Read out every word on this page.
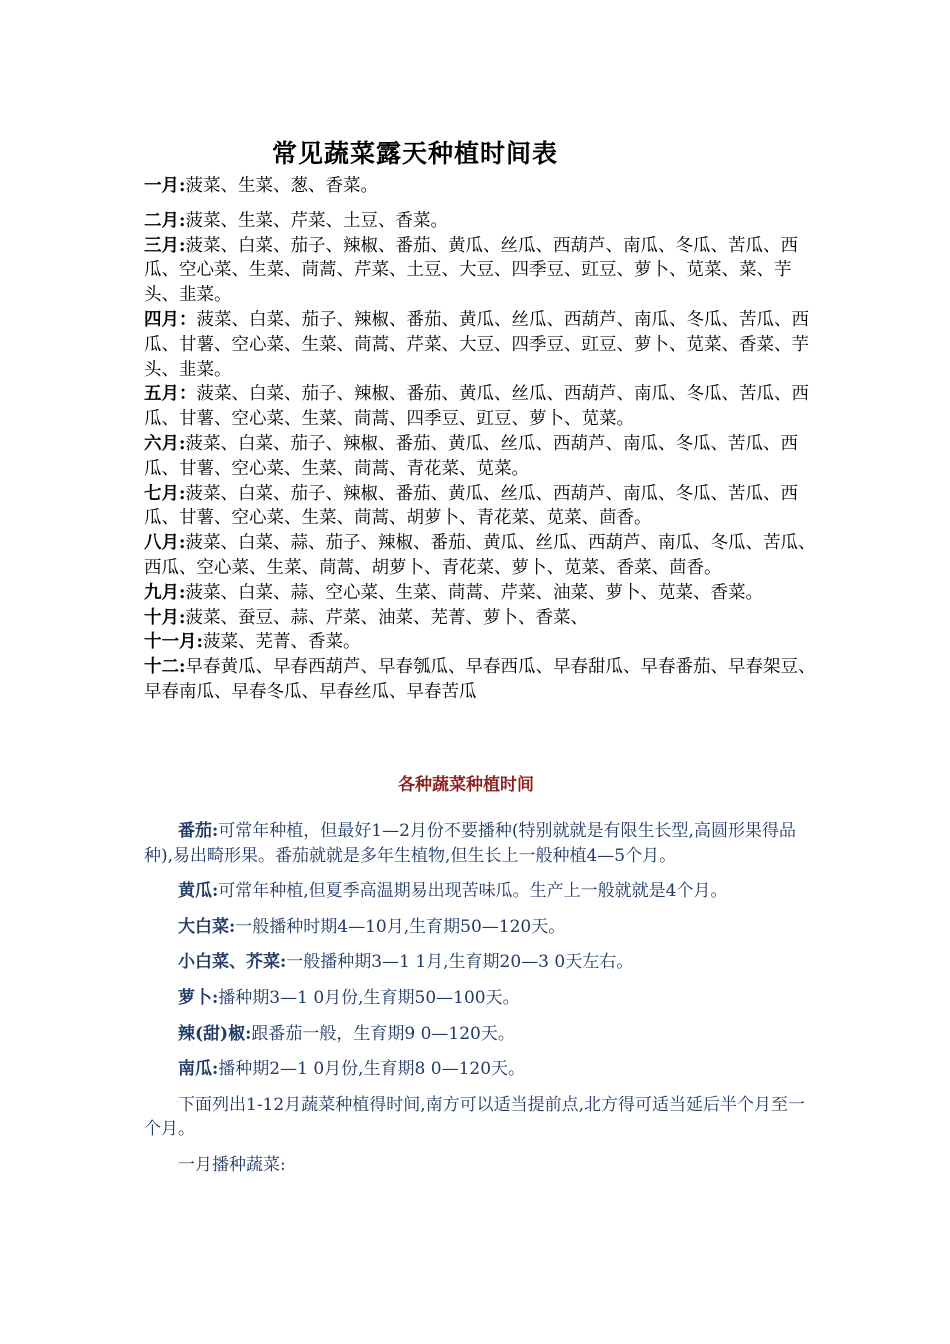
常见蔬菜露天种植时间表

一月:菠菜、生菜、葱、香菜。

二月:菠菜、生菜、芹菜、土豆、香菜。

三月:菠菜、白菜、茄子、辣椒、番茄、黄瓜、丝瓜、西葫芦、南瓜、冬瓜、苦瓜、西瓜、空心菜、生菜、茼蒿、芹菜、土豆、大豆、四季豆、豇豆、萝卜、苋菜、菜、芋头、韭菜。

四月：菠菜、白菜、茄子、辣椒、番茄、黄瓜、丝瓜、西葫芦、南瓜、冬瓜、苦瓜、西瓜、甘薯、空心菜、生菜、茼蒿、芹菜、大豆、四季豆、豇豆、萝卜、苋菜、香菜、芋头、韭菜。

五月：菠菜、白菜、茄子、辣椒、番茄、黄瓜、丝瓜、西葫芦、南瓜、冬瓜、苦瓜、西瓜、甘薯、空心菜、生菜、茼蒿、四季豆、豇豆、萝卜、苋菜。

六月:菠菜、白菜、茄子、辣椒、番茄、黄瓜、丝瓜、西葫芦、南瓜、冬瓜、苦瓜、西瓜、甘薯、空心菜、生菜、茼蒿、青花菜、苋菜。

七月:菠菜、白菜、茄子、辣椒、番茄、黄瓜、丝瓜、西葫芦、南瓜、冬瓜、苦瓜、西瓜、甘薯、空心菜、生菜、茼蒿、胡萝卜、青花菜、苋菜、茴香。

八月:菠菜、白菜、蒜、茄子、辣椒、番茄、黄瓜、丝瓜、西葫芦、南瓜、冬瓜、苦瓜、西瓜、空心菜、生菜、茼蒿、胡萝卜、青花菜、萝卜、苋菜、香菜、茴香。

九月:菠菜、白菜、蒜、空心菜、生菜、茼蒿、芹菜、油菜、萝卜、苋菜、香菜。

十月:菠菜、蚕豆、蒜、芹菜、油菜、芜菁、萝卜、香菜、

十一月:菠菜、芜菁、香菜。

十二:早春黄瓜、早春西葫芦、早春瓠瓜、早春西瓜、早春甜瓜、早春番茄、早春架豆、早春南瓜、早春冬瓜、早春丝瓜、早春苦瓜

各种蔬菜种植时间

番茄:可常年种植，但最好1—2月份不要播种(特别就就是有限生长型,高圆形果得品种),易出畸形果。番茄就就是多年生植物,但生长上一般种植4—5个月。

黄瓜:可常年种植,但夏季高温期易出现苦味瓜。生产上一般就就是4个月。

大白菜:一般播种时期4—10月,生育期50—120天。

小白菜、芥菜:一般播种期3—1 1月,生育期20—3 0天左右。

萝卜:播种期3—1 0月份,生育期50—100天。

辣(甜)椒:跟番茄一般，生育期9 0—120天。

南瓜:播种期2—1 0月份,生育期8 0—120天。

下面列出1-12月蔬菜种植得时间,南方可以适当提前点,北方得可适当延后半个月至一个月。

一月播种蔬菜:
